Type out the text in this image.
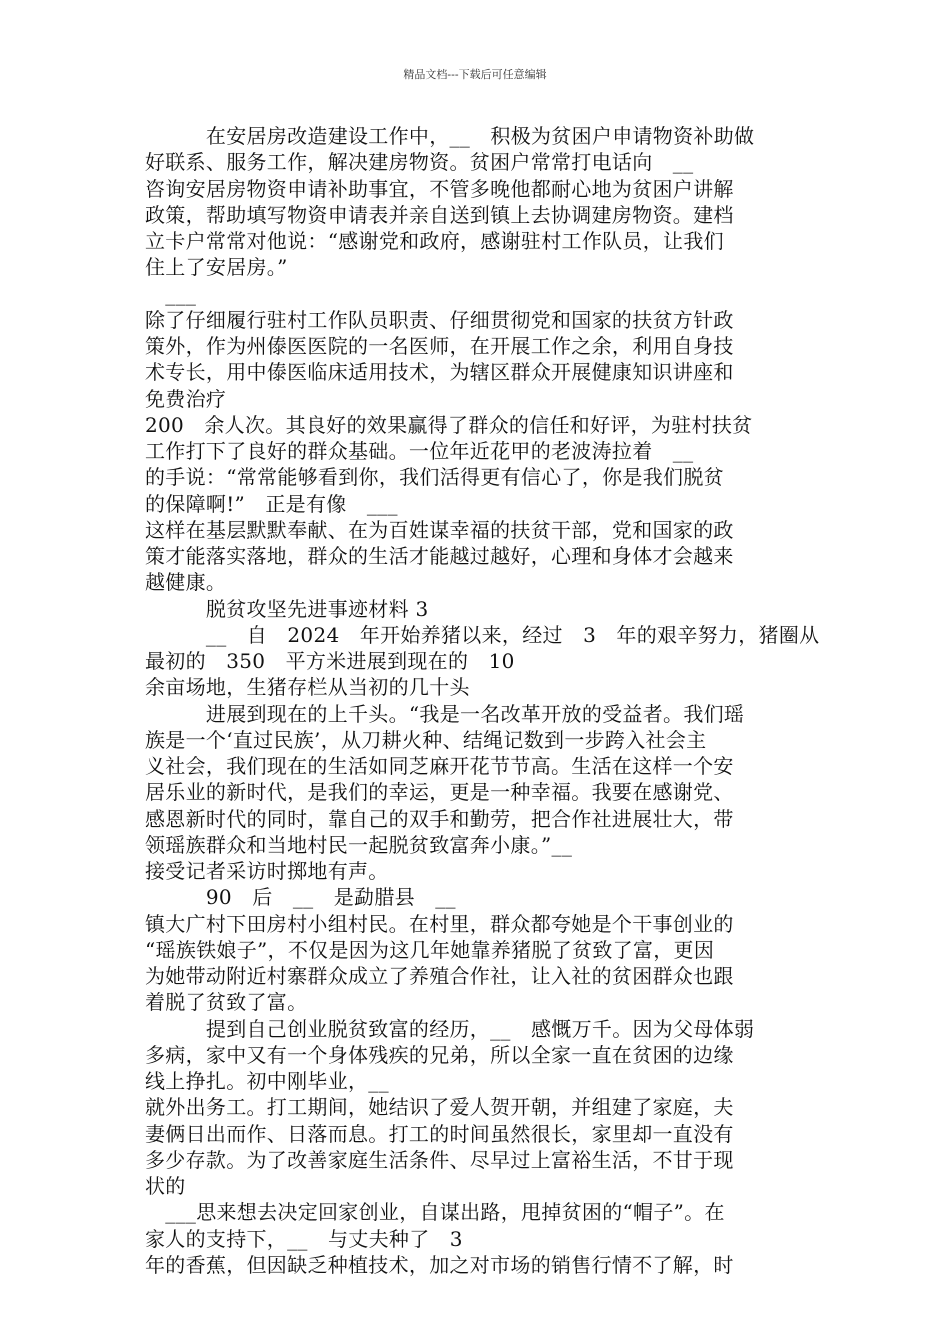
精品文档---下载后可任意编辑
　　　在安居房改造建设工作中，__　积极为贫困户申请物资补助做
好联系、服务工作，解决建房物资。贫困户常常打电话向　__
咨询安居房物资申请补助事宜，不管多晚他都耐心地为贫困户讲解
政策，帮助填写物资申请表并亲自送到镇上去协调建房物资。建档
立卡户常常对他说：“感谢党和政府，感谢驻村工作队员，让我们
住上了安居房。”
　___
除了仔细履行驻村工作队员职责、仔细贯彻党和国家的扶贫方针政
策外，作为州傣医医院的一名医师，在开展工作之余，利用自身技
术专长，用中傣医临床适用技术，为辖区群众开展健康知识讲座和
免费治疗
200　余人次。其良好的效果赢得了群众的信任和好评，为驻村扶贫
工作打下了良好的群众基础。一位年近花甲的老波涛拉着　__
的手说：“常常能够看到你，我们活得更有信心了，你是我们脱贫
的保障啊!”　正是有像　___
这样在基层默默奉献、在为百姓谋幸福的扶贫干部，党和国家的政
策才能落实落地，群众的生活才能越过越好，心理和身体才会越来
越健康。
　　　脱贫攻坚先进事迹材料 3
　　　__　自　2024　年开始养猪以来，经过　3　年的艰辛努力，猪圈从
最初的　350　平方米进展到现在的　10
余亩场地，生猪存栏从当初的几十头
　　　进展到现在的上千头。“我是一名改革开放的受益者。我们瑶
族是一个‘直过民族’，从刀耕火种、结绳记数到一步跨入社会主
义社会，我们现在的生活如同芝麻开花节节高。生活在这样一个安
居乐业的新时代，是我们的幸运，更是一种幸福。我要在感谢党、
感恩新时代的同时，靠自己的双手和勤劳，把合作社进展壮大，带
领瑶族群众和当地村民一起脱贫致富奔小康。”__
接受记者采访时掷地有声。
　　　90　后　__　是勐腊县　__
镇大广村下田房村小组村民。在村里，群众都夸她是个干事创业的
“瑶族铁娘子”，不仅是因为这几年她靠养猪脱了贫致了富，更因
为她带动附近村寨群众成立了养殖合作社，让入社的贫困群众也跟
着脱了贫致了富。
　　　提到自己创业脱贫致富的经历，__　感慨万千。因为父母体弱
多病，家中又有一个身体残疾的兄弟，所以全家一直在贫困的边缘
线上挣扎。初中刚毕业，__
就外出务工。打工期间，她结识了爱人贺开朝，并组建了家庭，夫
妻俩日出而作、日落而息。打工的时间虽然很长，家里却一直没有
多少存款。为了改善家庭生活条件、尽早过上富裕生活，不甘于现
状的
　___思来想去决定回家创业，自谋出路，甩掉贫困的“帽子”。在
家人的支持下，__　与丈夫种了　3
年的香蕉，但因缺乏种植技术，加之对市场的销售行情不了解，时
